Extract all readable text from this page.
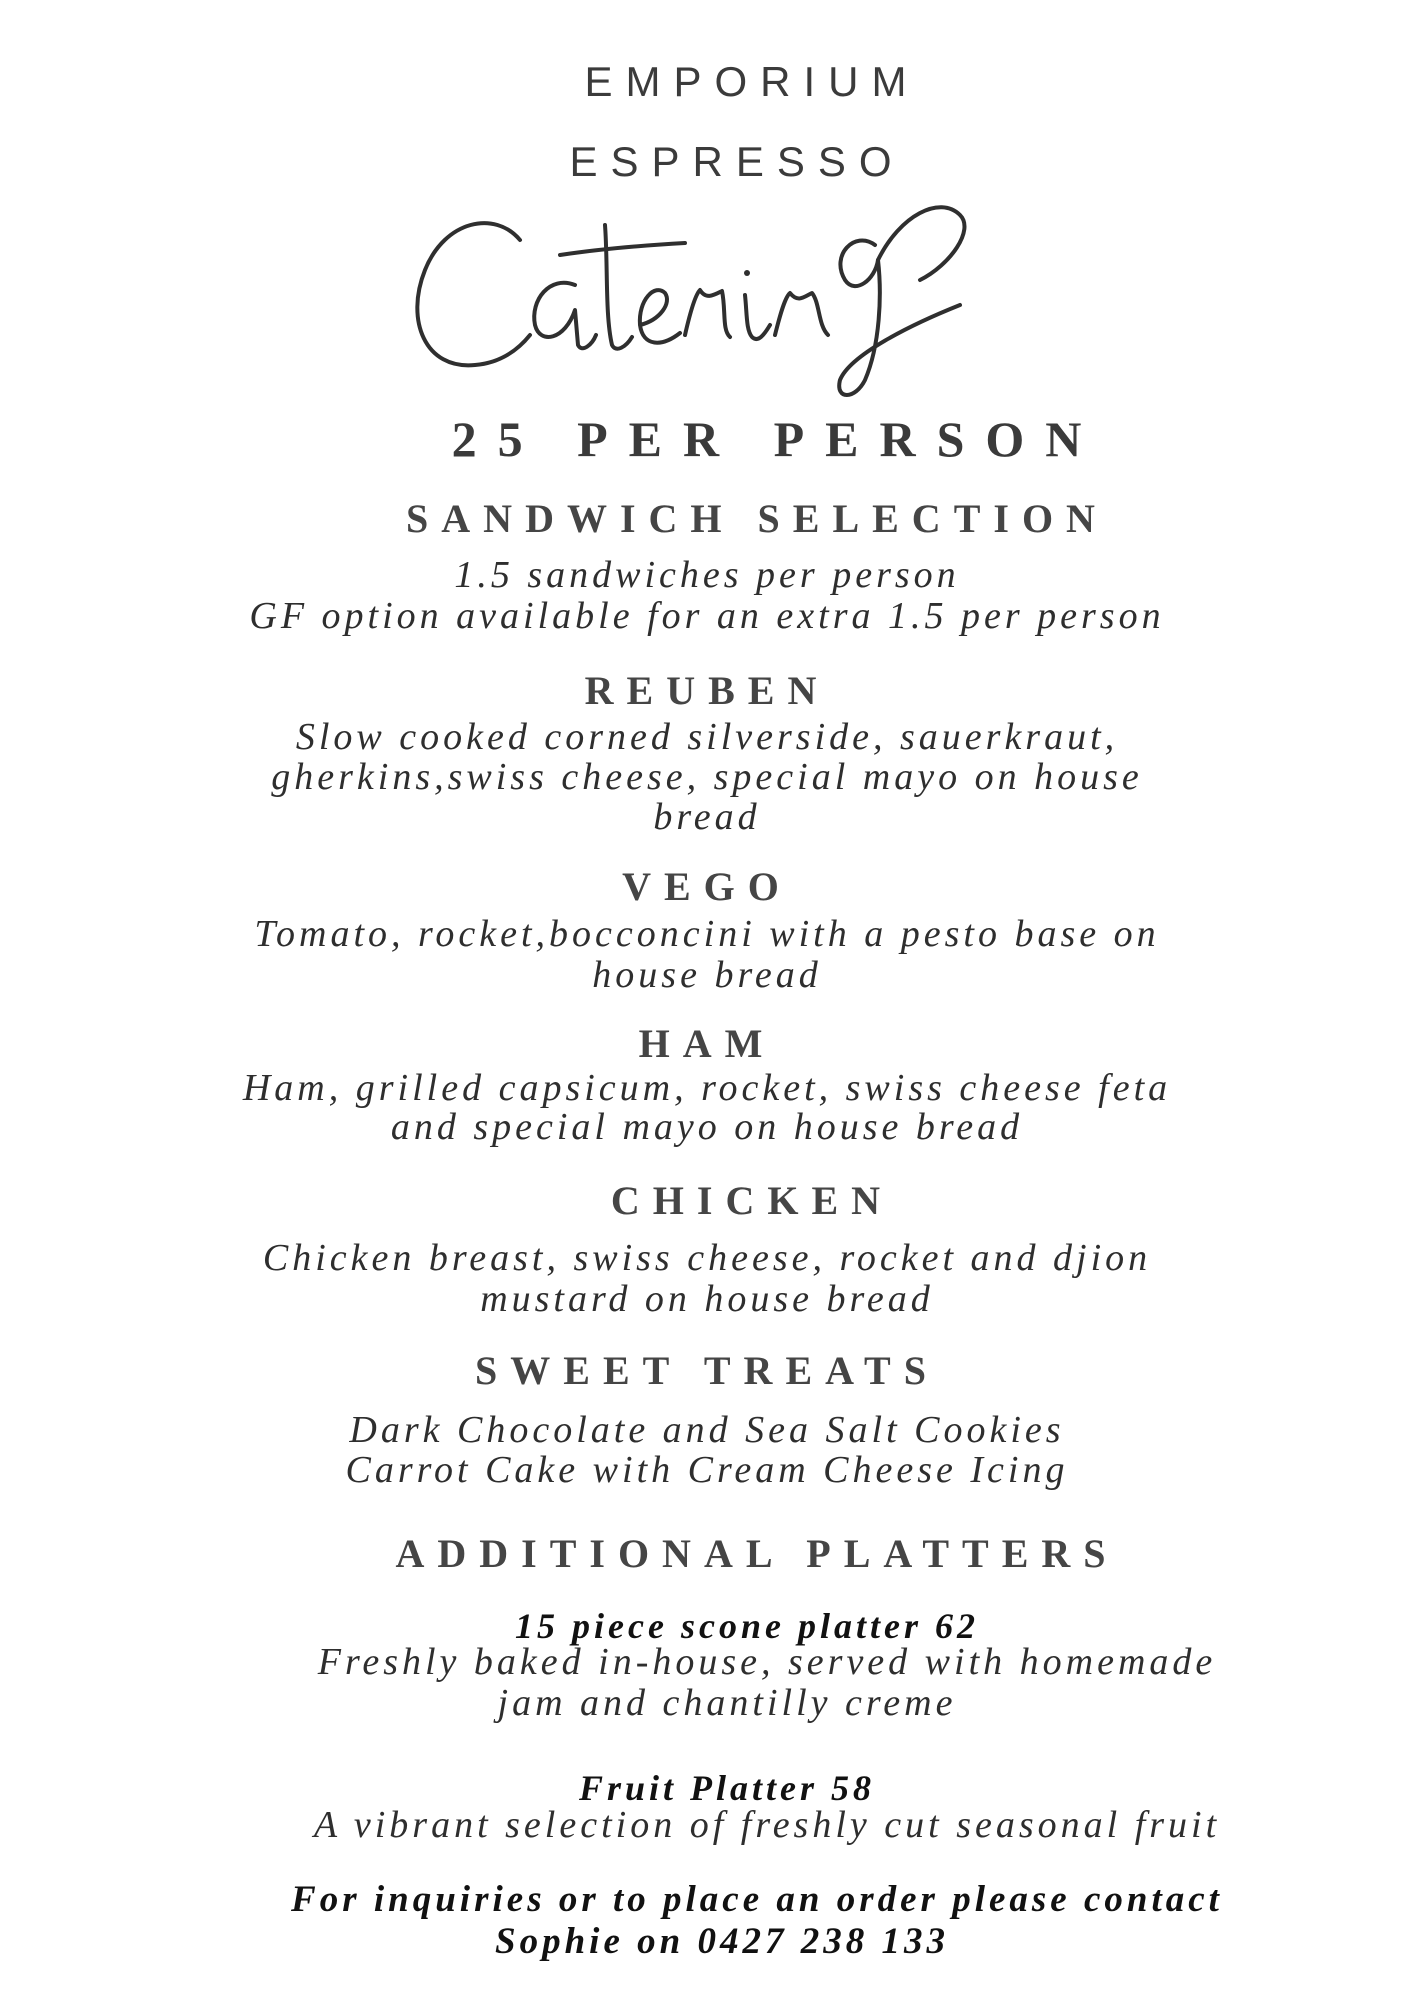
EMPORIUM
ESPRESSO
25 PER PERSON
SANDWICH SELECTION
1.5 sandwiches per person
GF option available for an extra 1.5 per person
REUBEN
Slow cooked corned silverside, sauerkraut,
gherkins,swiss cheese, special mayo on house
bread
VEGO
Tomato, rocket,bocconcini with a pesto base on
house bread
HAM
Ham, grilled capsicum, rocket, swiss cheese feta
and special mayo on house bread
CHICKEN
Chicken breast, swiss cheese, rocket and djion
mustard on house bread
SWEET TREATS
Dark Chocolate and Sea Salt Cookies
Carrot Cake with Cream Cheese Icing
ADDITIONAL PLATTERS
15 piece scone platter 62
Freshly baked in-house, served with homemade
jam and chantilly creme
Fruit Platter 58
A vibrant selection of freshly cut seasonal fruit
For inquiries or to place an order please contact
Sophie on 0427 238 133
